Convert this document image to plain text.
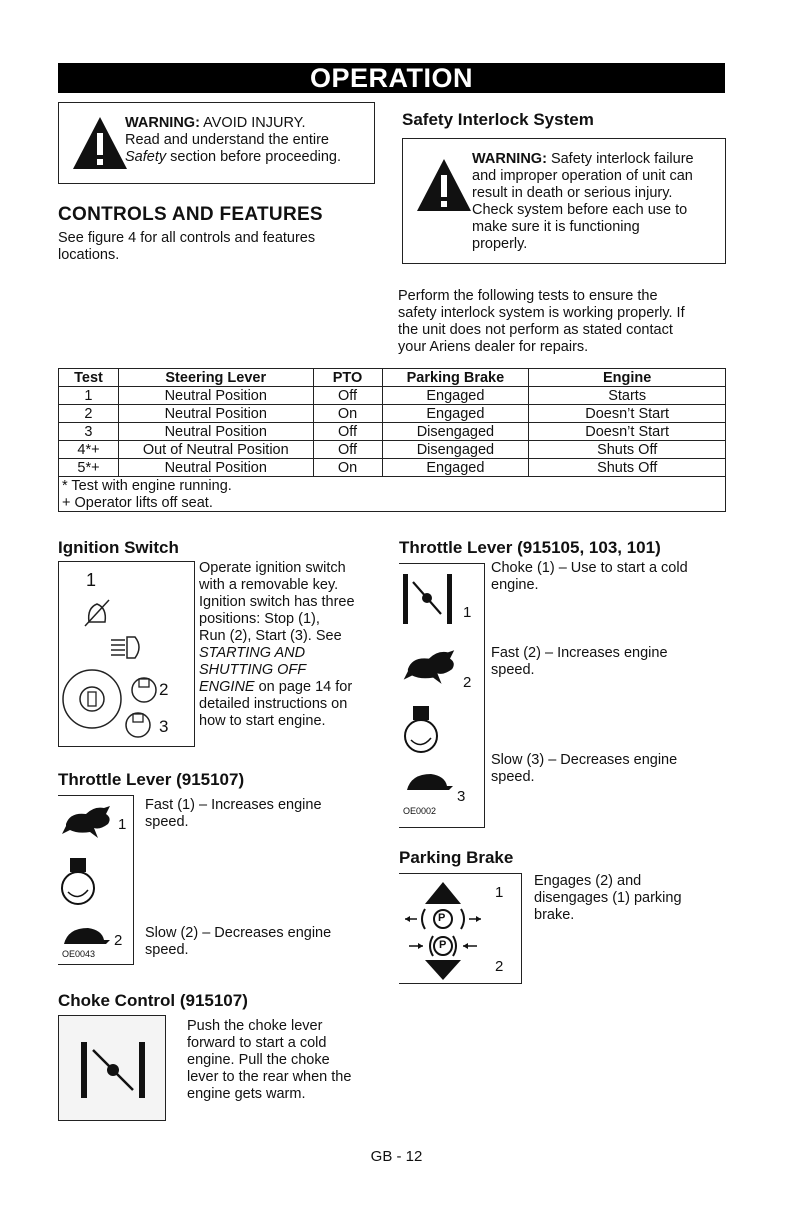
OPERATION
WARNING: AVOID INJURY.
Read and understand the entire
Safety section before proceeding.
CONTROLS AND FEATURES

See figure 4 for all controls and features

locations.

Safety Interlock System
WARNING: Safety interlock failure
and improper operation of unit can
result in death or serious injury.
Check system before each use to
make sure it is functioning
properly.

Perform the following tests to ensure the

safety interlock system is working properly. If

the unit does not perform as stated contact

your Ariens dealer for repairs.

Test	Steering Lever	PTO	Parking Brake	Engine
1	Neutral Position	Off	Engaged	Starts
2	Neutral Position	On	Engaged	Doesn’t Start
3	Neutral Position	Off	Disengaged	Doesn’t Start
4*+	Out of Neutral Position	Off	Disengaged	Shuts Off
5*+	Neutral Position	On	Engaged	Shuts Off
* Test with engine running.				
+ Operator lifts off seat.				
Ignition Switch
1
2
3

Operate ignition switch

with a removable key.

Ignition switch has three

positions: Stop (1),

Run (2), Start (3). See

STARTING AND

SHUTTING OFF

ENGINE on page 14 for

detailed instructions on

how to start engine.

Throttle Lever (915107)
1
2
OE0043

Fast (1) – Increases engine

speed.

Slow (2) – Decreases engine

speed.

Choke Control (915107)

Push the choke lever

forward to start a cold

engine. Pull the choke

lever to the rear when the

engine gets warm.

Throttle Lever (915105, 103, 101)
1
2
3
OE0002

Choke (1) – Use to start a cold

engine.

Fast (2) – Increases engine

speed.

Slow (3) – Decreases engine

speed.

Parking Brake
1
P
P
2

Engages (2) and

disengages (1) parking

brake.

GB - 12
